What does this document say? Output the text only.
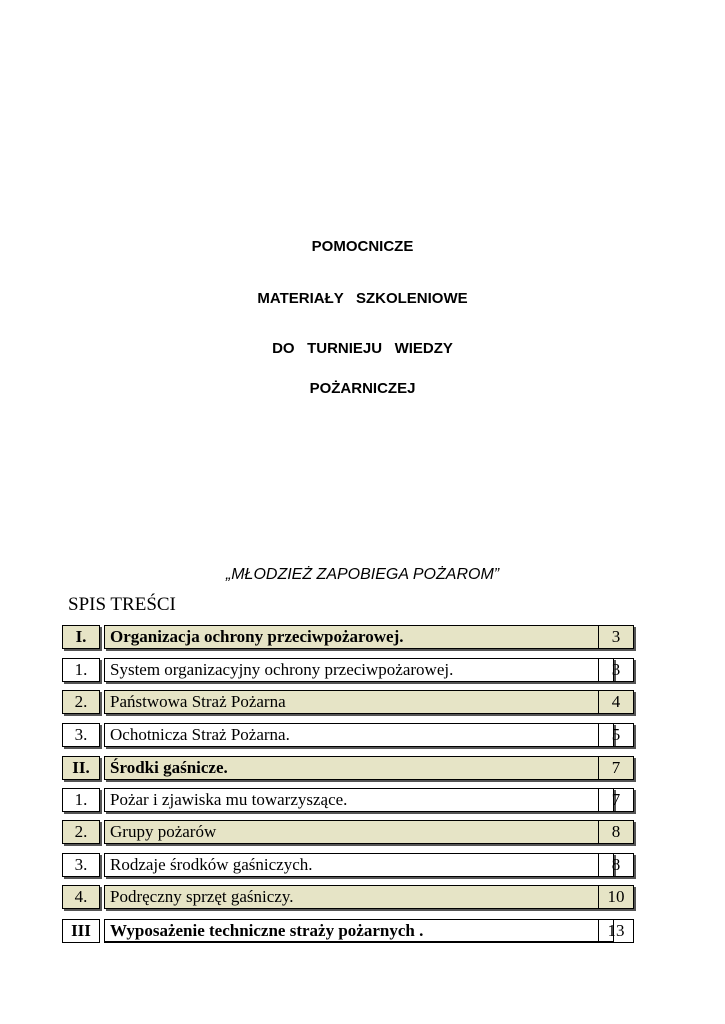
POMOCNICZE
MATERIAŁY   SZKOLENIOWE
DO   TURNIEJU   WIEDZY
POŻARNICZEJ
„MŁODZIEŻ ZAPOBIEGA POŻAROM”
SPIS TREŚCI
I.	Organizacja ochrony przeciwpożarowej.	3
1.	System organizacyjny ochrony przeciwpożarowej.	3
2.	Państwowa Straż Pożarna	4
3.	Ochotnicza Straż Pożarna.	5
II.	Środki gaśnicze.	7
1.	Pożar i zjawiska mu towarzyszące.	7
2.	Grupy pożarów	8
3.	Rodzaje środków gaśniczych.	8
4.	Podręczny sprzęt gaśniczy.	10
III	Wyposażenie techniczne straży pożarnych .	13
